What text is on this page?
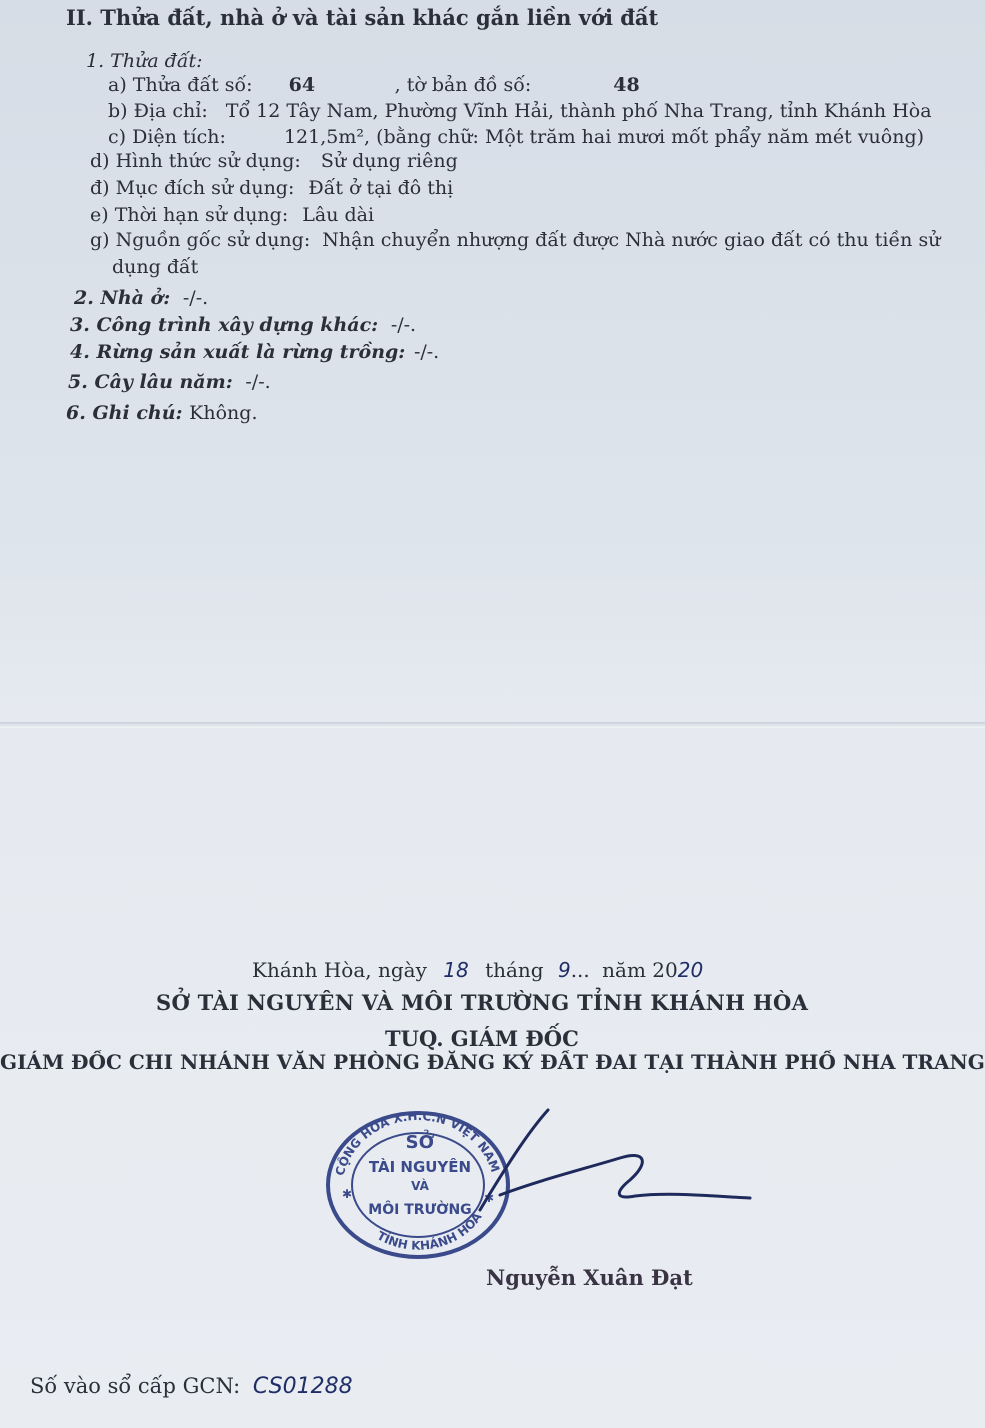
II. Thửa đất, nhà ở và tài sản khác gắn liền với đất
1. Thửa đất:
a) Thửa đất số: 64	, tờ bản đồ số:	48
b) Địa chỉ: Tổ 12 Tây Nam, Phường Vĩnh Hải, thành phố Nha Trang, tỉnh Khánh Hòa
c) Diện tích:	121,5m², (bằng chữ: Một trăm hai mươi mốt phẩy năm mét vuông)
d) Hình thức sử dụng: Sử dụng riêng
đ) Mục đích sử dụng: Đất ở tại đô thị
e) Thời hạn sử dụng: Lâu dài
g) Nguồn gốc sử dụng: Nhận chuyển nhượng đất được Nhà nước giao đất có thu tiền sử
dụng đất
2. Nhà ở: -/-.
3. Công trình xây dựng khác: -/-.
4. Rừng sản xuất là rừng trồng: -/-.
5. Cây lâu năm: -/-.
6. Ghi chú: Không.
Khánh Hòa, ngày 18 tháng 9... năm 2020
SỞ TÀI NGUYÊN VÀ MÔI TRƯỜNG TỈNH KHÁNH HÒA
TUQ. GIÁM ĐỐC
GIÁM ĐỐC CHI NHÁNH VĂN PHÒNG ĐĂNG KÝ ĐẤT ĐAI TẠI THÀNH PHỐ NHA TRANG
CỘNG HÒA X.H.C.N VIỆT NAM
TỈNH KHÁNH HÒA
SỞ
TÀI NGUYÊN
VÀ
MÔI TRƯỜNG
✱	✱
Nguyễn Xuân Đạt
Số vào sổ cấp GCN: CS01288
